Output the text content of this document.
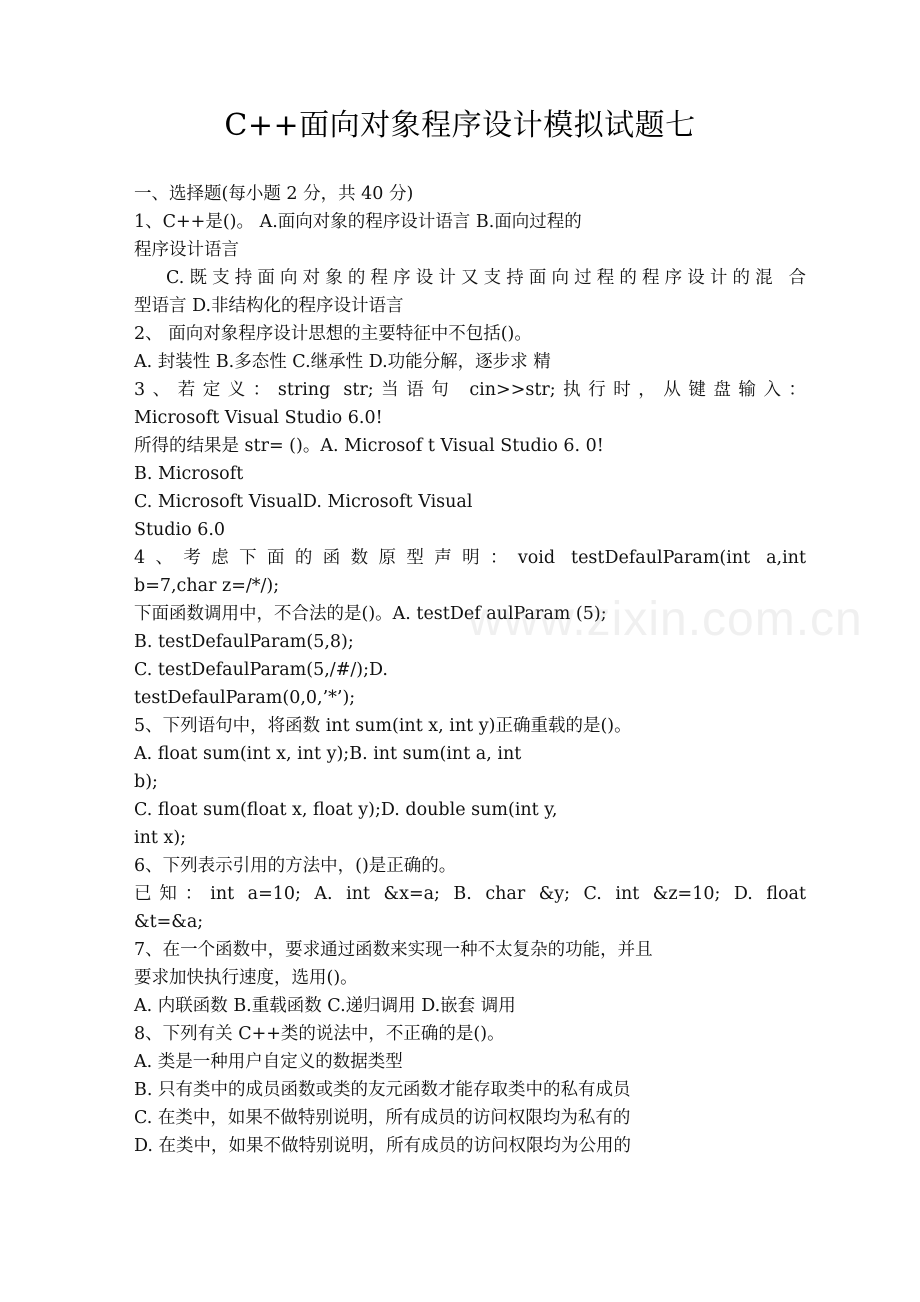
C++面向对象程序设计模拟试题七
一、选择题(每小题 2 分，共 40 分)
1、C++是()。 A.面向对象的程序设计语言 B.面向过程的
程序设计语言
C.既支持面向对象的程序设计又支持面向过程的程序设计的混 合
型语言 D.非结构化的程序设计语言
2、 面向对象程序设计思想的主要特征中不包括()。
A. 封装性 B.多态性 C.继承性 D.功能分解，逐步求 精
3、若定义：string str;当语句 cin>>str;执行时，从键盘输入：
Microsoft Visual Studio 6.0!
所得的结果是 str= ()。A. Microsof t Visual Studio 6. 0!
B. Microsoft
C. Microsoft VisualD. Microsoft Visual
Studio 6.0
4、考虑下面的函数原型声明：void testDefaulParam(int a,int
b=7,char z=/*/);
下面函数调用中，不合法的是()。A. testDef aulParam (5);
B. testDefaulParam(5,8);
C. testDefaulParam(5,/#/);D.
testDefaulParam(0,0,’*’);
5、下列语句中，将函数 int sum(int x, int y)正确重载的是()。
A. float sum(int x, int y);B. int sum(int a, int
b);
C. float sum(float x, float y);D. double sum(int y,
int x);
6、下列表示引用的方法中，()是正确的。
已知：int a=10; A. int &x=a; B. char &y; C. int &z=10; D. float
&t=&a;
7、在一个函数中，要求通过函数来实现一种不太复杂的功能，并且
要求加快执行速度，选用()。
A. 内联函数 B.重载函数 C.递归调用 D.嵌套 调用
8、下列有关 C++类的说法中，不正确的是()。
A. 类是一种用户自定义的数据类型
B. 只有类中的成员函数或类的友元函数才能存取类中的私有成员
C. 在类中，如果不做特别说明，所有成员的访问权限均为私有的
D. 在类中，如果不做特别说明，所有成员的访问权限均为公用的
www.zixin.com.cn
